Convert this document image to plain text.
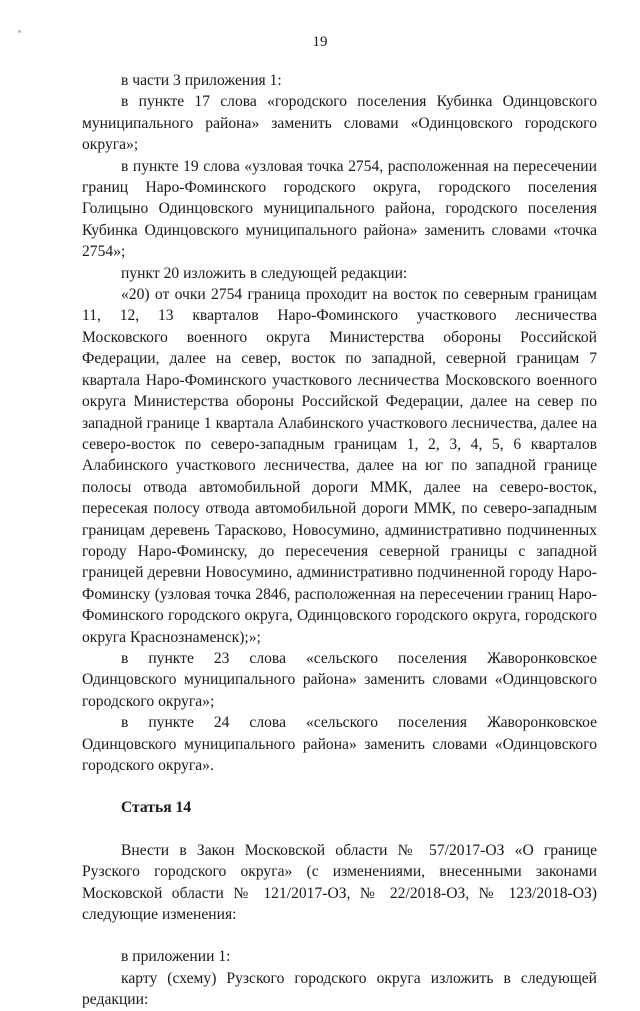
19

в части 3 приложения 1:

в пункте 17 слова «городского поселения Кубинка Одинцовского муниципального района» заменить словами «Одинцовского городского округа»;

в пункте 19 слова «узловая точка 2754, расположенная на пересечении границ Наро-Фоминского городского округа, городского поселения Голицыно Одинцовского муниципального района, городского поселения Кубинка Одинцовского муниципального района» заменить словами «точка 2754»;

пункт 20 изложить в следующей редакции:

«20) от очки 2754 граница проходит на восток по северным границам 11, 12, 13 кварталов Наро-Фоминского участкового лесничества Московского военного округа Министерства обороны Российской Федерации, далее на север, восток по западной, северной границам 7 квартала Наро-Фоминского участкового лесничества Московского военного округа Министерства обороны Российской Федерации, далее на север по западной границе 1 квартала Алабинского участкового лесничества, далее на северо-восток по северо-западным границам 1, 2, 3, 4, 5, 6 кварталов Алабинского участкового лесничества, далее на юг по западной границе полосы отвода автомобильной дороги ММК, далее на северо-восток, пересекая полосу отвода автомобильной дороги ММК, по северо-западным границам деревень Тарасково, Новосумино, административно подчиненных городу Наро-Фоминску, до пересечения северной границы с западной границей деревни Новосумино, административно подчиненной городу Наро-Фоминску (узловая точка 2846, расположенная на пересечении границ Наро-Фоминского городского округа, Одинцовского городского округа, городского округа Краснознаменск);»;

в пункте 23 слова «сельского поселения Жаворонковское Одинцовского муниципального района» заменить словами «Одинцовского городского округа»;

в пункте 24 слова «сельского поселения Жаворонковское Одинцовского муниципального района» заменить словами «Одинцовского городского округа».

Статья 14

Внести в Закон Московской области № 57/2017-ОЗ «О границе Рузского городского округа» (с изменениями, внесенными законами Московской области № 121/2017-ОЗ, № 22/2018-ОЗ, № 123/2018-ОЗ) следующие изменения:

в приложении 1:

карту (схему) Рузского городского округа изложить в следующей редакции:
